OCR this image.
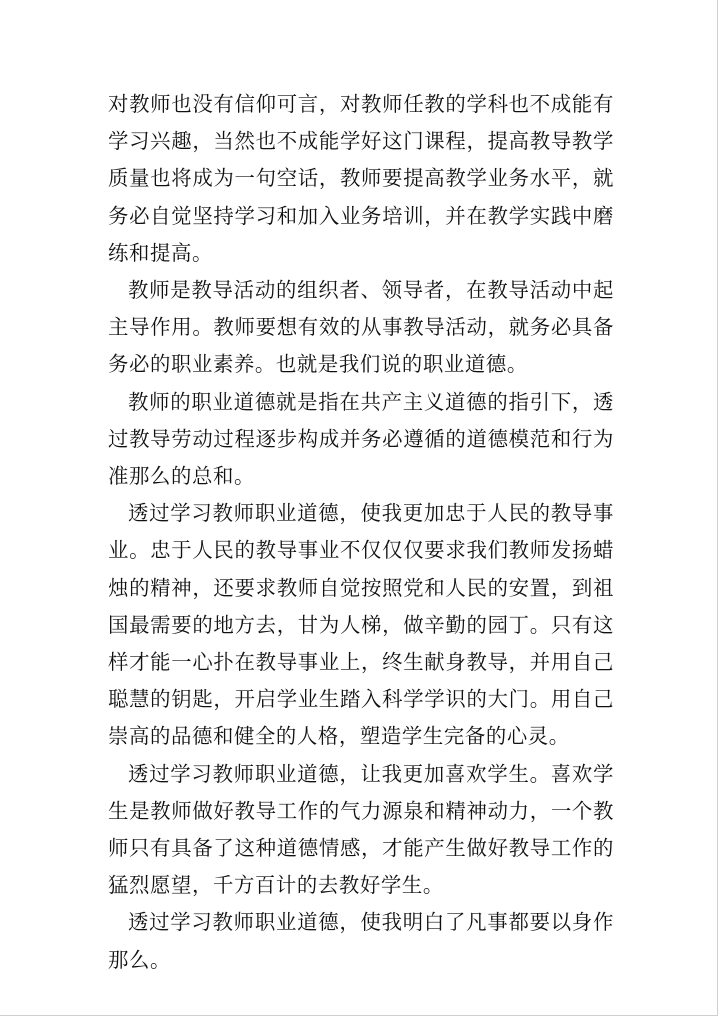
对教师也没有信仰可言，对教师任教的学科也不成能有学习兴趣，当然也不成能学好这门课程，提高教导教学质量也将成为一句空话，教师要提高教学业务水平，就务必自觉坚持学习和加入业务培训，并在教学实践中磨练和提高。

教师是教导活动的组织者、领导者，在教导活动中起主导作用。教师要想有效的从事教导活动，就务必具备务必的职业素养。也就是我们说的职业道德。

教师的职业道德就是指在共产主义道德的指引下，透过教导劳动过程逐步构成并务必遵循的道德模范和行为准那么的总和。

透过学习教师职业道德，使我更加忠于人民的教导事业。忠于人民的教导事业不仅仅仅要求我们教师发扬蜡烛的精神，还要求教师自觉按照党和人民的安置，到祖国最需要的地方去，甘为人梯，做辛勤的园丁。只有这样才能一心扑在教导事业上，终生献身教导，并用自己聪慧的钥匙，开启学业生踏入科学学识的大门。用自己崇高的品德和健全的人格，塑造学生完备的心灵。

透过学习教师职业道德，让我更加喜欢学生。喜欢学生是教师做好教导工作的气力源泉和精神动力，一个教师只有具备了这种道德情感，才能产生做好教导工作的猛烈愿望，千方百计的去教好学生。

透过学习教师职业道德，使我明白了凡事都要以身作那么。
